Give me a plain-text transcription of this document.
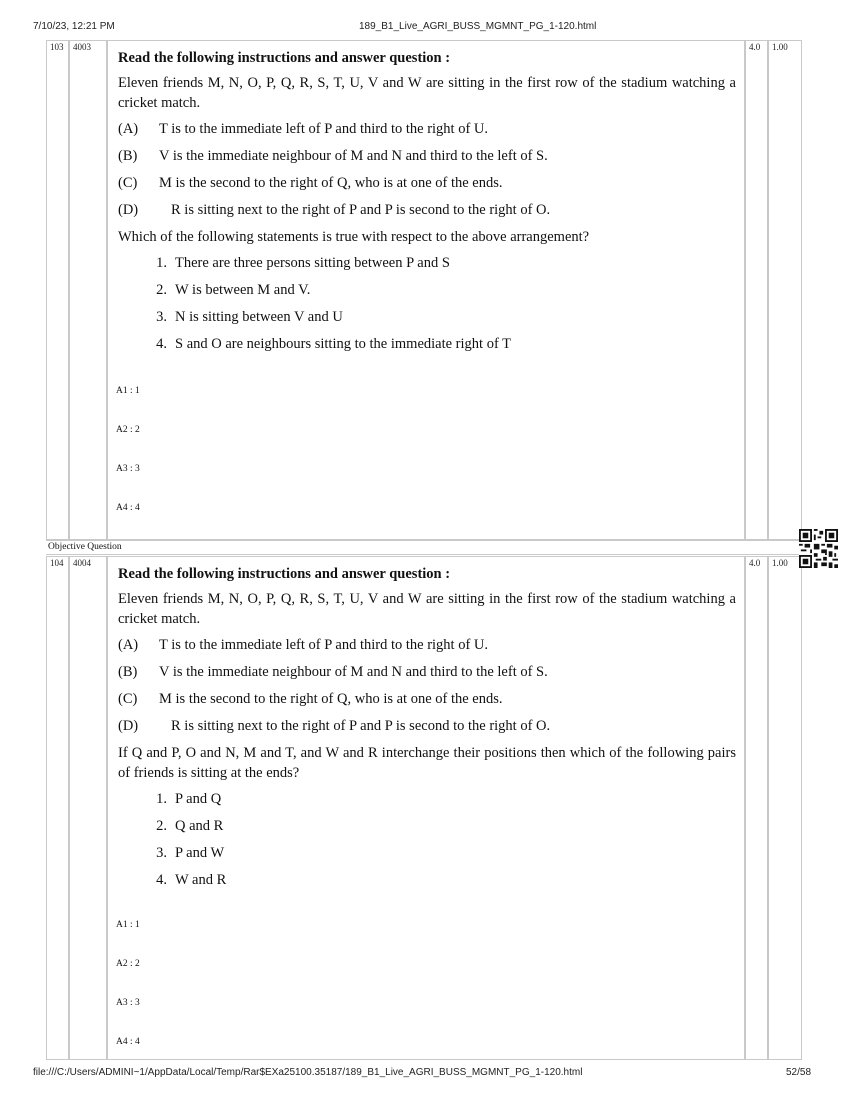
7/10/23, 12:21 PM	189_B1_Live_AGRI_BUSS_MGMNT_PG_1-120.html
103	4003	4.0	1.00
Read the following instructions and answer question :
Eleven friends M, N, O, P, Q, R, S, T, U, V and W are sitting in the first row of the stadium watching a cricket match.
(A)	T is to the immediate left of P and third to the right of U.
(B)	V is the immediate neighbour of M and N and third to the left of S.
(C)	M is the second to the right of Q, who is at one of the ends.
(D)	R is sitting next to the right of P and P is second to the right of O.
Which of the following statements is true with respect to the above arrangement?
1. There are three persons sitting between P and S
2. W is between M and V.
3. N is sitting between V and U
4. S and O are neighbours sitting to the immediate right of T
A1 : 1
A2 : 2
A3 : 3
A4 : 4
Objective Question
104	4004	4.0	1.00
Read the following instructions and answer question :
Eleven friends M, N, O, P, Q, R, S, T, U, V and W are sitting in the first row of the stadium watching a cricket match.
(A)	T is to the immediate left of P and third to the right of U.
(B)	V is the immediate neighbour of M and N and third to the left of S.
(C)	M is the second to the right of Q, who is at one of the ends.
(D)	R is sitting next to the right of P and P is second to the right of O.
If Q and P, O and N, M and T, and W and R interchange their positions then which of the following pairs of friends is sitting at the ends?
1. P and Q
2. Q and R
3. P and W
4. W and R
A1 : 1
A2 : 2
A3 : 3
A4 : 4
file:///C:/Users/ADMINI~1/AppData/Local/Temp/Rar$EXa25100.35187/189_B1_Live_AGRI_BUSS_MGMNT_PG_1-120.html	52/58
